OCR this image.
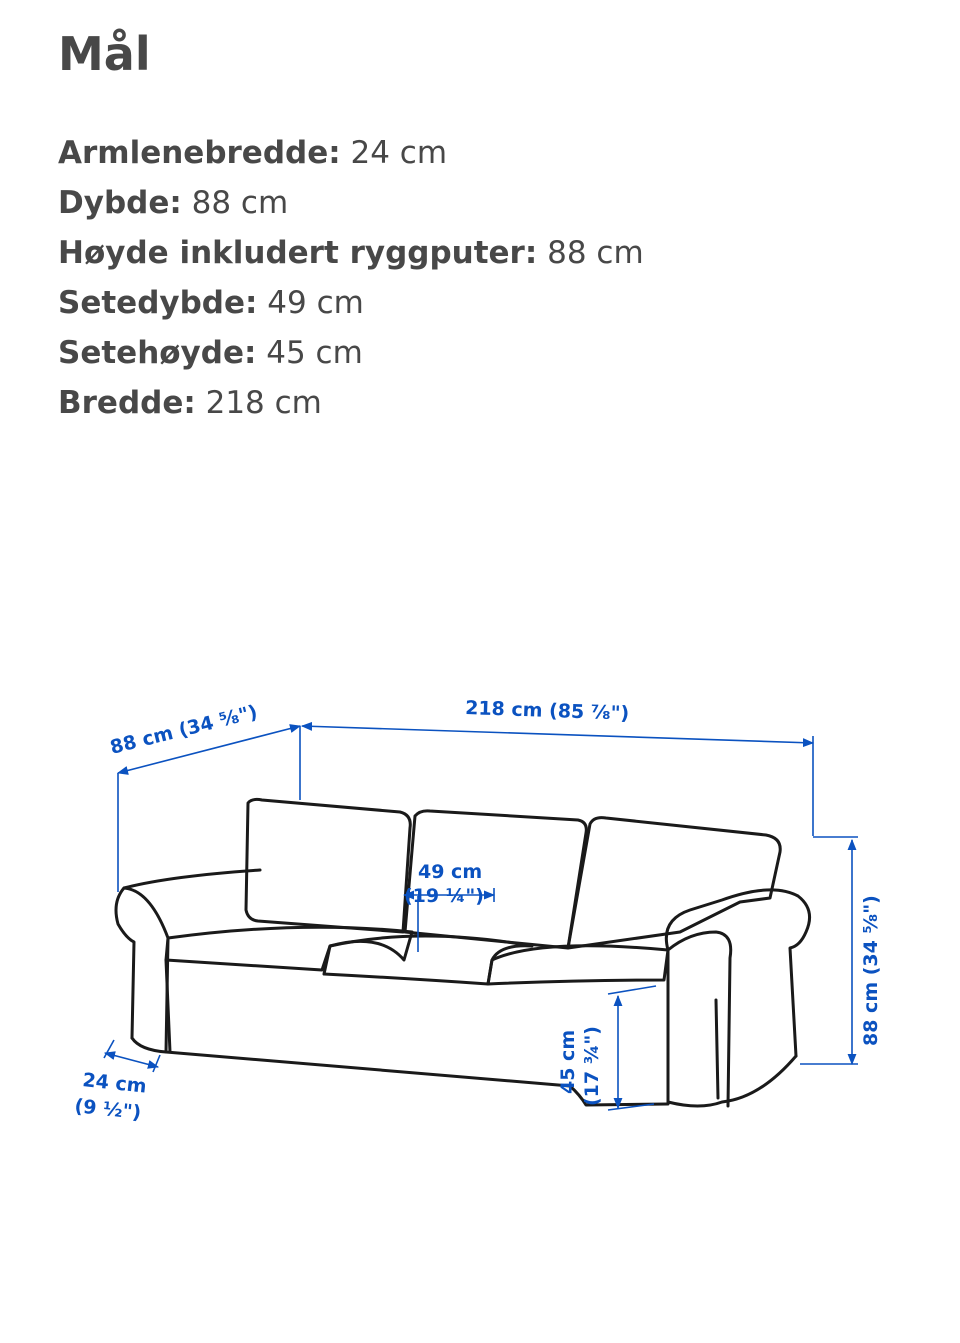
Mål
Armlenebredde: 24 cm
Dybde: 88 cm
Høyde inkludert ryggputer: 88 cm
Setedybde: 49 cm
Setehøyde: 45 cm
Bredde: 218 cm
88 cm (34 ⁵⁄₈")	218 cm (85 ⁷⁄₈")
88 cm (34 ⁵⁄₈")
49 cm
(19 ¼")
45 cm (17 ¾")
24 cm
(9 ½")
